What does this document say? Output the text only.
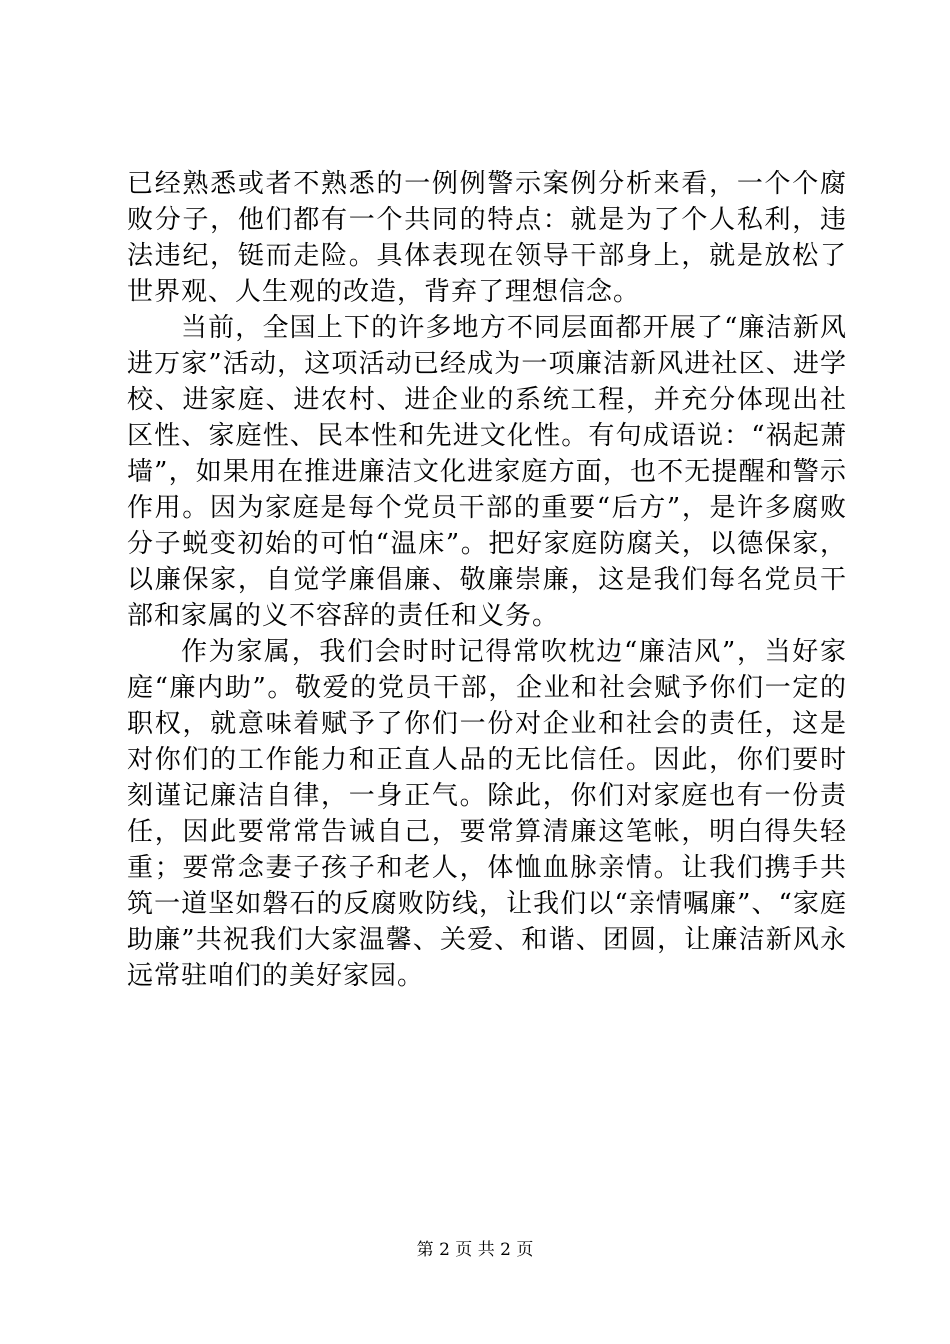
已经熟悉或者不熟悉的一例例警示案例分析来看，一个个腐败分子，他们都有一个共同的特点：就是为了个人私利，违法违纪，铤而走险。具体表现在领导干部身上，就是放松了世界观、人生观的改造，背弃了理想信念。

当前，全国上下的许多地方不同层面都开展了“廉洁新风进万家”活动，这项活动已经成为一项廉洁新风进社区、进学校、进家庭、进农村、进企业的系统工程，并充分体现出社区性、家庭性、民本性和先进文化性。有句成语说：“祸起萧墙”，如果用在推进廉洁文化进家庭方面，也不无提醒和警示作用。因为家庭是每个党员干部的重要“后方”，是许多腐败分子蜕变初始的可怕“温床”。把好家庭防腐关，以德保家，以廉保家，自觉学廉倡廉、敬廉崇廉，这是我们每名党员干部和家属的义不容辞的责任和义务。

作为家属，我们会时时记得常吹枕边“廉洁风”，当好家庭“廉内助”。敬爱的党员干部，企业和社会赋予你们一定的职权，就意味着赋予了你们一份对企业和社会的责任，这是对你们的工作能力和正直人品的无比信任。因此，你们要时刻谨记廉洁自律，一身正气。除此，你们对家庭也有一份责任，因此要常常告诫自己，要常算清廉这笔帐，明白得失轻重；要常念妻子孩子和老人，体恤血脉亲情。让我们携手共筑一道坚如磐石的反腐败防线，让我们以“亲情嘱廉”、“家庭助廉”共祝我们大家温馨、关爱、和谐、团圆，让廉洁新风永远常驻咱们的美好家园。

第 2 页 共 2 页
